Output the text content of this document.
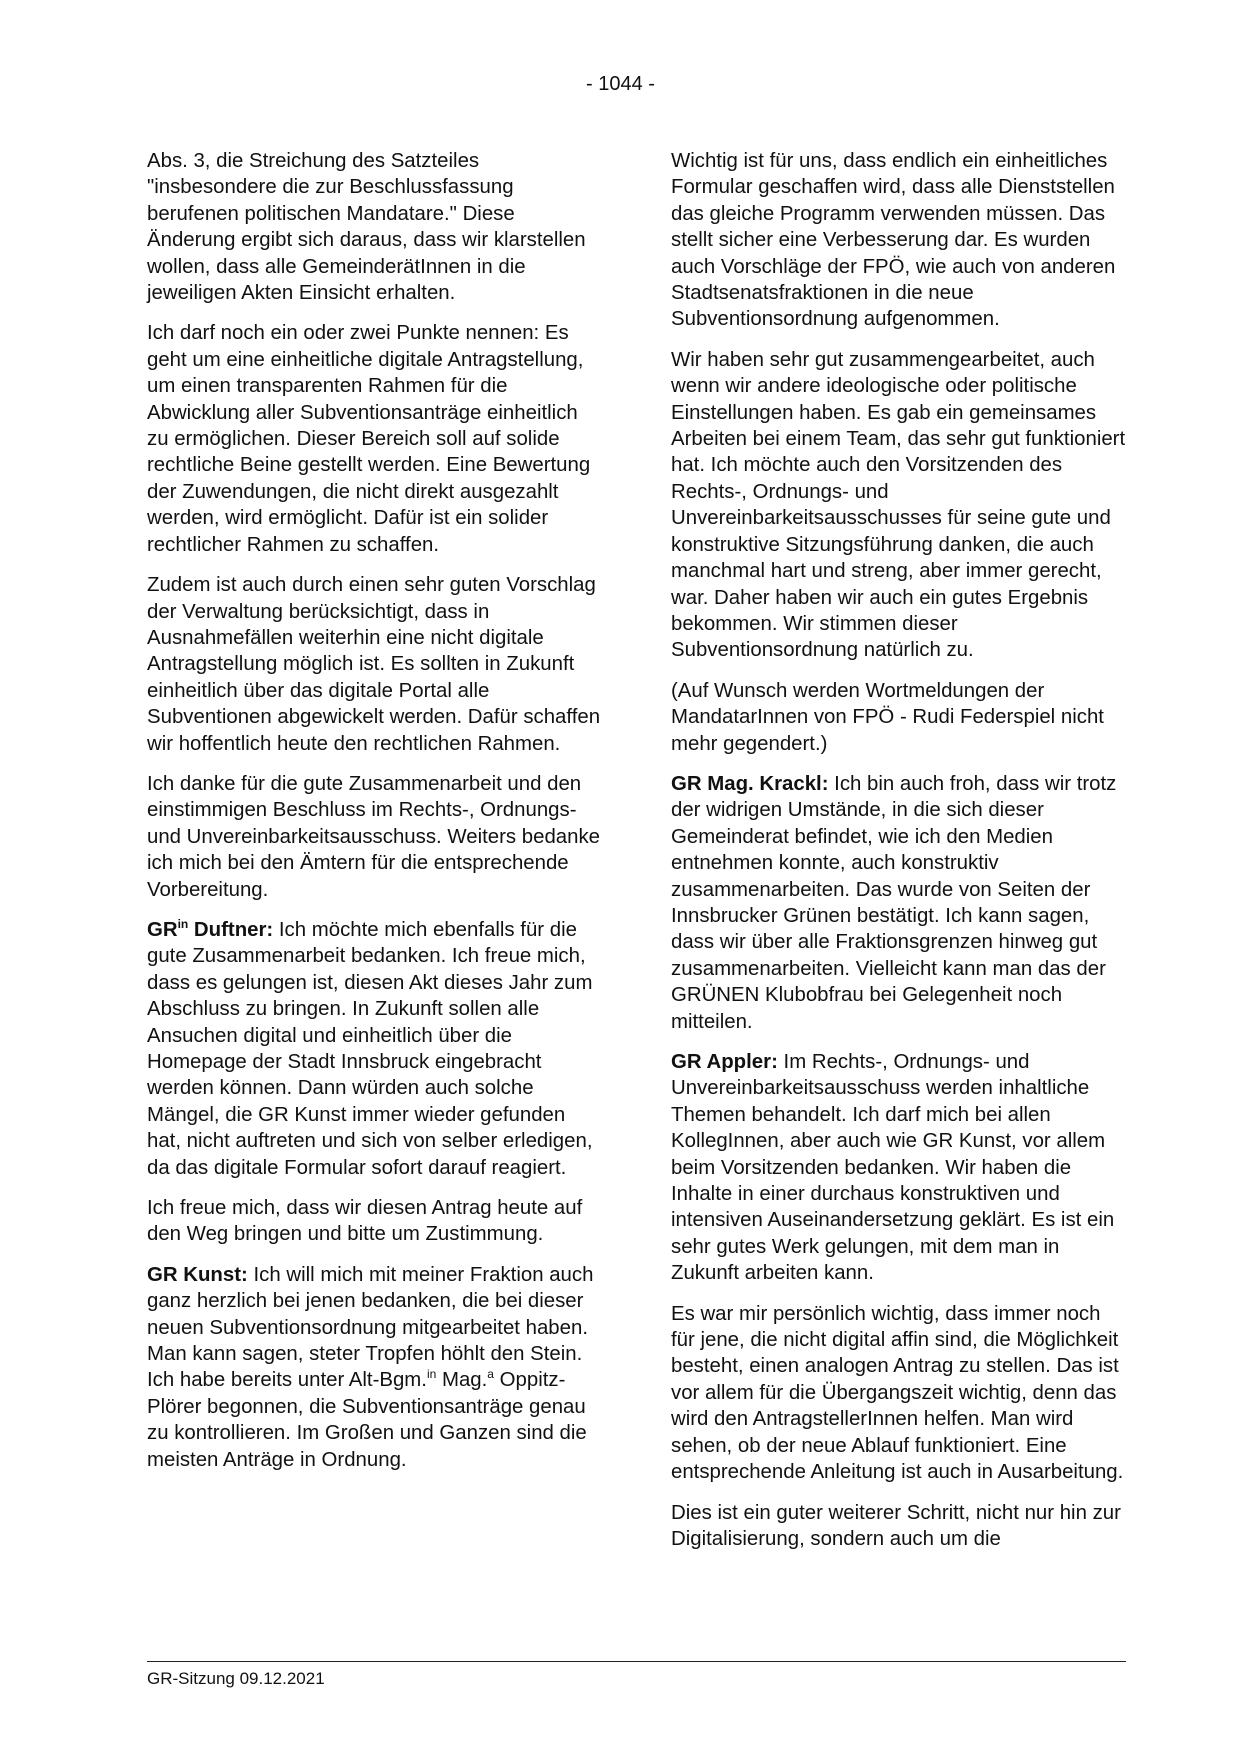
- 1044 -

Abs. 3, die Streichung des Satzteiles "insbesondere die zur Beschlussfassung berufenen politischen Mandatare." Diese Änderung ergibt sich daraus, dass wir klarstellen wollen, dass alle GemeinderätInnen in die jeweiligen Akten Einsicht erhalten.

Ich darf noch ein oder zwei Punkte nennen: Es geht um eine einheitliche digitale Antragstellung, um einen transparenten Rahmen für die Abwicklung aller Subventionsanträge einheitlich zu ermöglichen. Dieser Bereich soll auf solide rechtliche Beine gestellt werden. Eine Bewertung der Zuwendungen, die nicht direkt ausgezahlt werden, wird ermöglicht. Dafür ist ein solider rechtlicher Rahmen zu schaffen.

Zudem ist auch durch einen sehr guten Vorschlag der Verwaltung berücksichtigt, dass in Ausnahmefällen weiterhin eine nicht digitale Antragstellung möglich ist. Es sollten in Zukunft einheitlich über das digitale Portal alle Subventionen abgewickelt werden. Dafür schaffen wir hoffentlich heute den rechtlichen Rahmen.

Ich danke für die gute Zusammenarbeit und den einstimmigen Beschluss im Rechts-, Ordnungs- und Unvereinbarkeitsausschuss. Weiters bedanke ich mich bei den Ämtern für die entsprechende Vorbereitung.

$GR^{in}$ Duftner: Ich möchte mich ebenfalls für die gute Zusammenarbeit bedanken. Ich freue mich, dass es gelungen ist, diesen Akt dieses Jahr zum Abschluss zu bringen. In Zukunft sollen alle Ansuchen digital und einheitlich über die Homepage der Stadt Innsbruck eingebracht werden können. Dann würden auch solche Mängel, die GR Kunst immer wieder gefunden hat, nicht auftreten und sich von selber erledigen, da das digitale Formular sofort darauf reagiert.

Ich freue mich, dass wir diesen Antrag heute auf den Weg bringen und bitte um Zustimmung.

GR Kunst: Ich will mich mit meiner Fraktion auch ganz herzlich bei jenen bedanken, die bei dieser neuen Subventionsordnung mitgearbeitet haben. Man kann sagen, steter Tropfen höhlt den Stein. Ich habe bereits unter Alt-Bgm.$^{in}$ Mag.$^a$ Oppitz-Plörer begonnen, die Subventionsanträge genau zu kontrollieren. Im Großen und Ganzen sind die meisten Anträge in Ordnung.

Wichtig ist für uns, dass endlich ein einheitliches Formular geschaffen wird, dass alle Dienststellen das gleiche Programm verwenden müssen. Das stellt sicher eine Verbesserung dar. Es wurden auch Vorschläge der FPÖ, wie auch von anderen Stadtsenatsfraktionen in die neue Subventionsordnung aufgenommen.

Wir haben sehr gut zusammengearbeitet, auch wenn wir andere ideologische oder politische Einstellungen haben. Es gab ein gemeinsames Arbeiten bei einem Team, das sehr gut funktioniert hat. Ich möchte auch den Vorsitzenden des Rechts-, Ordnungs- und Unvereinbarkeitsausschusses für seine gute und konstruktive Sitzungsführung danken, die auch manchmal hart und streng, aber immer gerecht, war. Daher haben wir auch ein gutes Ergebnis bekommen. Wir stimmen dieser Subventionsordnung natürlich zu.

(Auf Wunsch werden Wortmeldungen der MandatarInnen von FPÖ - Rudi Federspiel nicht mehr gegendert.)

GR Mag. Krackl: Ich bin auch froh, dass wir trotz der widrigen Umstände, in die sich dieser Gemeinderat befindet, wie ich den Medien entnehmen konnte, auch konstruktiv zusammenarbeiten. Das wurde von Seiten der Innsbrucker Grünen bestätigt. Ich kann sagen, dass wir über alle Fraktionsgrenzen hinweg gut zusammenarbeiten. Vielleicht kann man das der GRÜNEN Klubobfrau bei Gelegenheit noch mitteilen.

GR Appler: Im Rechts-, Ordnungs- und Unvereinbarkeitsausschuss werden inhaltliche Themen behandelt. Ich darf mich bei allen KollegInnen, aber auch wie GR Kunst, vor allem beim Vorsitzenden bedanken. Wir haben die Inhalte in einer durchaus konstruktiven und intensiven Auseinandersetzung geklärt. Es ist ein sehr gutes Werk gelungen, mit dem man in Zukunft arbeiten kann.

Es war mir persönlich wichtig, dass immer noch für jene, die nicht digital affin sind, die Möglichkeit besteht, einen analogen Antrag zu stellen. Das ist vor allem für die Übergangszeit wichtig, denn das wird den AntragstellerInnen helfen. Man wird sehen, ob der neue Ablauf funktioniert. Eine entsprechende Anleitung ist auch in Ausarbeitung.

Dies ist ein guter weiterer Schritt, nicht nur hin zur Digitalisierung, sondern auch um die

GR-Sitzung 09.12.2021
